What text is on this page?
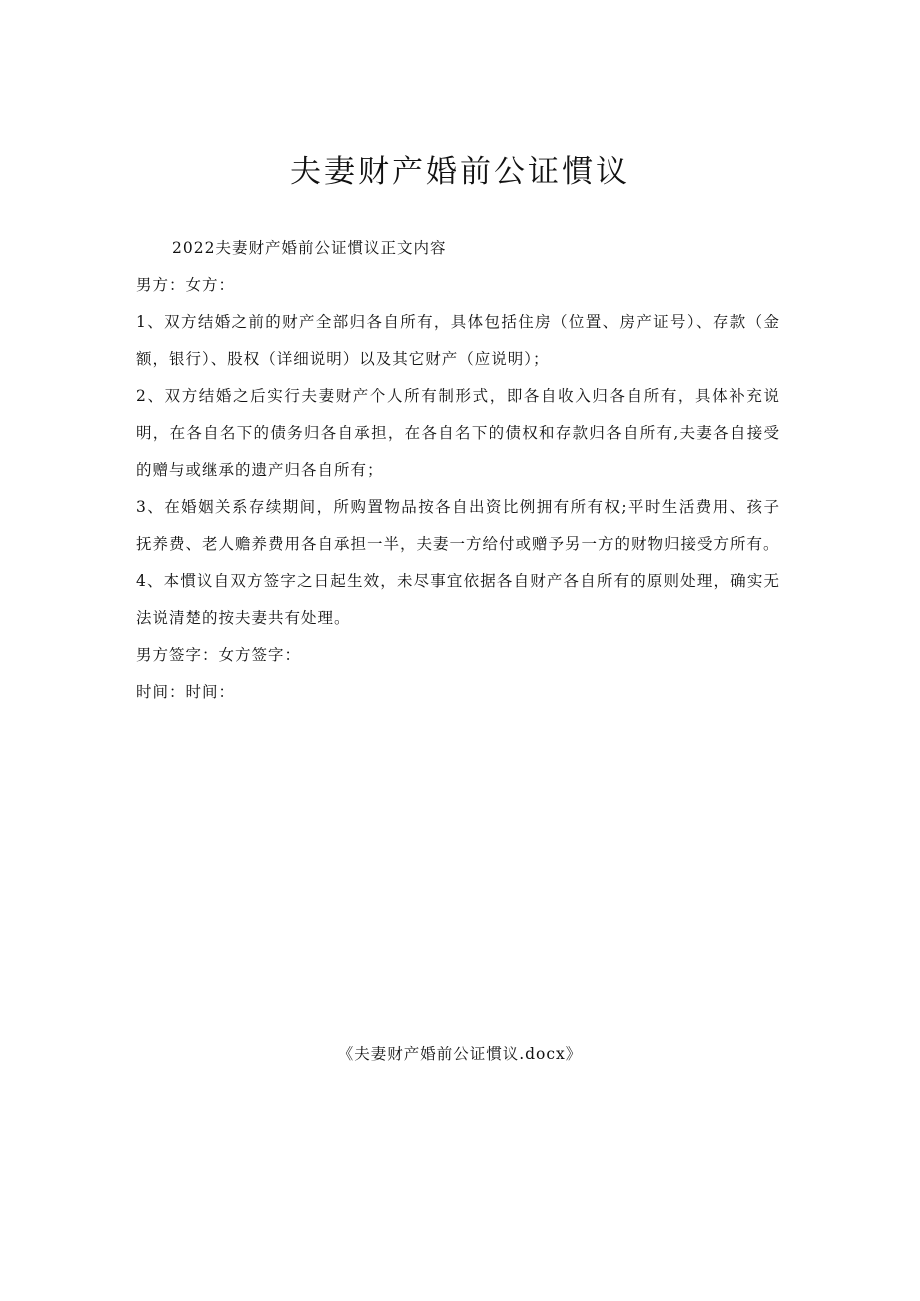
夫妻财产婚前公证慣议

2022夫妻财产婚前公证慣议正文内容

男方：女方：

1、双方结婚之前的财产全部归各自所有，具体包括住房（位置、房产证号）、存款（金额，银行）、股权（详细说明）以及其它财产（应说明）；

2、双方结婚之后实行夫妻财产个人所有制形式，即各自收入归各自所有，具体补充说明，在各自名下的债务归各自承担，在各自名下的债权和存款归各自所有,夫妻各自接受的赠与或继承的遗产归各自所有；

3、在婚姻关系存续期间，所购置物品按各自出资比例拥有所有权;平时生活费用、孩子抚养费、老人赡养费用各自承担一半，夫妻一方给付或赠予另一方的财物归接受方所有。

4、本慣议自双方签字之日起生效，未尽事宜依据各自财产各自所有的原则处理，确实无法说清楚的按夫妻共有处理。

男方签字：女方签字：

时间：时间：

《夫妻财产婚前公证慣议.docx》
